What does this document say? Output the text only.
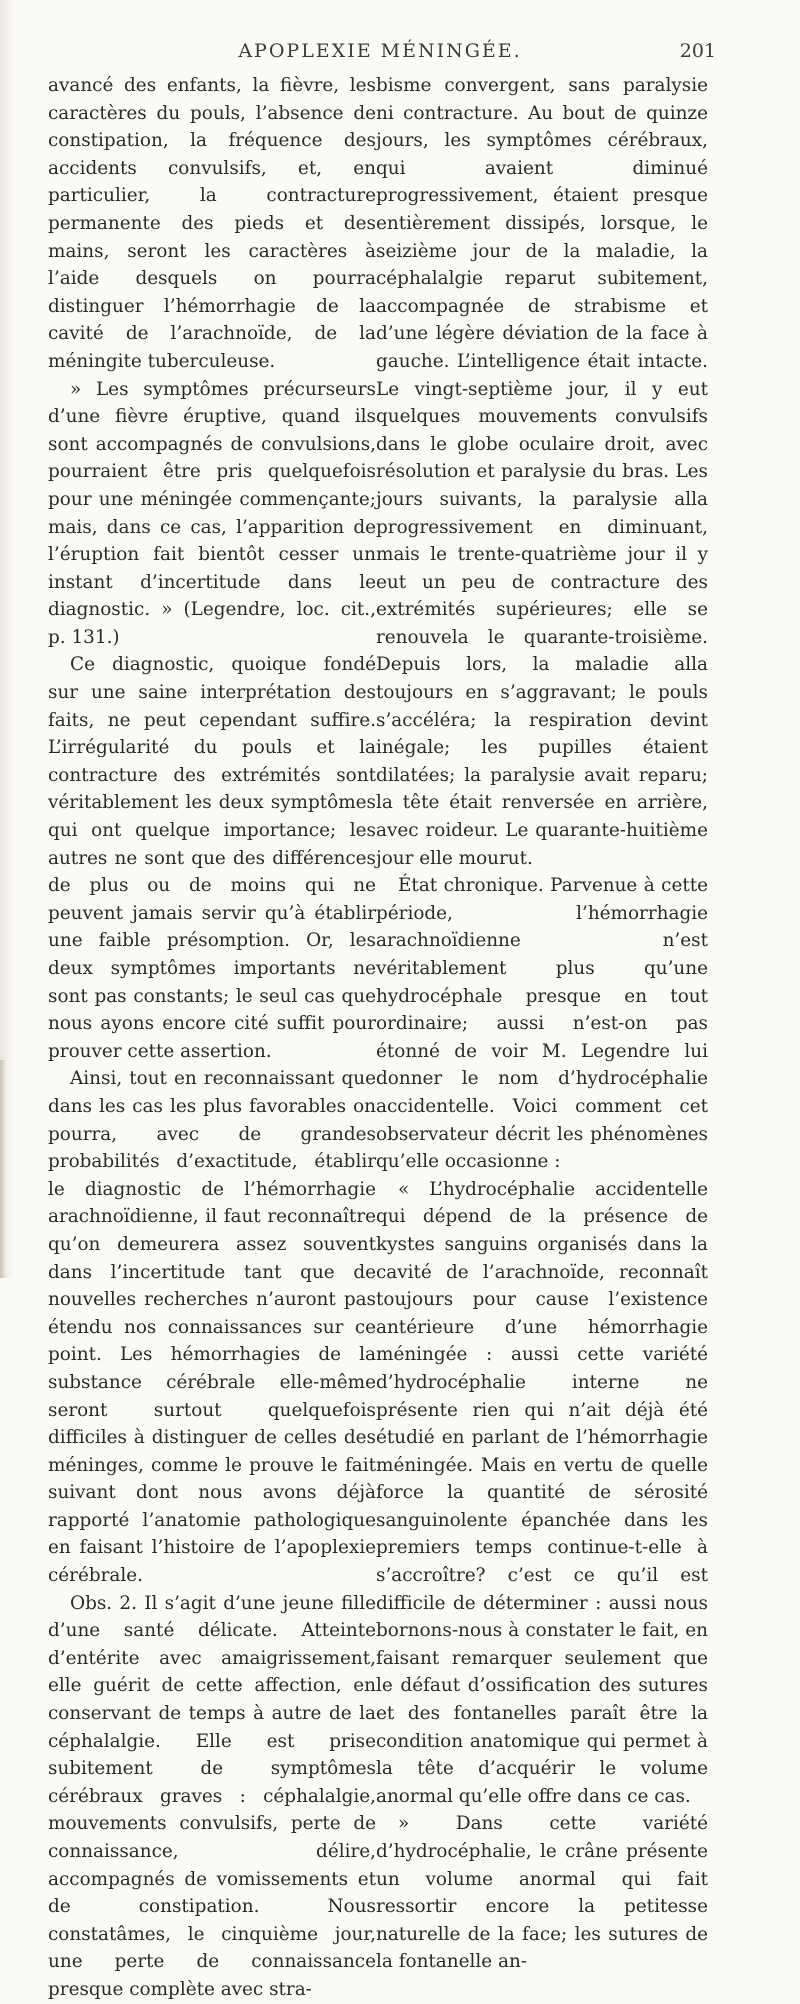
APOPLEXIE MÉNINGÉE.	201

avancé des enfants, la fièvre, les caractères du pouls, l’absence de constipation, la fréquence des accidents convulsifs, et, en particulier, la contracture permanente des pieds et des mains, seront les caractères à l’aide desquels on pourra distinguer l’hémorrhagie de la cavité de l’arachnoïde, de la méningite tuberculeuse.

» Les symptômes précurseurs d’une fièvre éruptive, quand ils sont accompagnés de convulsions, pourraient être pris quelquefois pour une méningée commençante; mais, dans ce cas, l’apparition de l’éruption fait bientôt cesser un instant d’incertitude dans le diagnostic. » (Legendre, loc. cit., p. 131.)

Ce diagnostic, quoique fondé sur une saine interprétation des faits, ne peut cependant suffire. L’irrégularité du pouls et la contracture des extrémités sont véritablement les deux symptômes qui ont quelque importance; les autres ne sont que des différences de plus ou de moins qui ne peuvent jamais servir qu’à établir une faible présomption. Or, les deux symptômes importants ne sont pas constants; le seul cas que nous ayons encore cité suffit pour prouver cette assertion.

Ainsi, tout en reconnaissant que dans les cas les plus favorables on pourra, avec de grandes probabilités d’exactitude, établir le diagnostic de l’hémorrhagie arachnoïdienne, il faut reconnaître qu’on demeurera assez souvent dans l’incertitude tant que de nouvelles recherches n’auront pas étendu nos connaissances sur ce point. Les hémorrhagies de la substance cérébrale elle-même seront surtout quelquefois difficiles à distinguer de celles des méninges, comme le prouve le fait suivant dont nous avons déjà rapporté l’anatomie pathologique en faisant l’histoire de l’apoplexie cérébrale.

Obs. 2. Il s’agit d’une jeune fille d’une santé délicate. Atteinte d’entérite avec amaigrissement, elle guérit de cette affection, en conservant de temps à autre de la céphalalgie. Elle est prise subitement de symptômes cérébraux graves : céphalalgie, mouvements convulsifs, perte de connaissance, délire, accompagnés de vomissements et de constipation. Nous constatâmes, le cinquième jour, une perte de connaissance presque complète avec stra-

bisme convergent, sans paralysie ni contracture. Au bout de quinze jours, les symptômes cérébraux, qui avaient diminué progressivement, étaient presque entièrement dissipés, lorsque, le seizième jour de la maladie, la céphalalgie reparut subitement, accompagnée de strabisme et d’une légère déviation de la face à gauche. L’intelligence était intacte. Le vingt-septième jour, il y eut quelques mouvements convulsifs dans le globe oculaire droit, avec résolution et paralysie du bras. Les jours suivants, la paralysie alla progressivement en diminuant, mais le trente-quatrième jour il y eut un peu de contracture des extrémités supérieures; elle se renouvela le quarante-troisième. Depuis lors, la maladie alla toujours en s’aggravant; le pouls s’accéléra; la respiration devint inégale; les pupilles étaient dilatées; la paralysie avait reparu; la tête était renversée en arrière, avec roideur. Le quarante-huitième jour elle mourut.

État chronique. Parvenue à cette période, l’hémorrhagie arachnoïdienne n’est véritablement plus qu’une hydrocéphale presque en tout ordinaire; aussi n’est-on pas étonné de voir M. Legendre lui donner le nom d’hydrocéphalie accidentelle. Voici comment cet observateur décrit les phénomènes qu’elle occasionne :

« L’hydrocéphalie accidentelle qui dépend de la présence de kystes sanguins organisés dans la cavité de l’arachnoïde, reconnaît toujours pour cause l’existence antérieure d’une hémorrhagie méningée : aussi cette variété d’hydrocéphalie interne ne présente rien qui n’ait déjà été étudié en parlant de l’hémorrhagie méningée. Mais en vertu de quelle force la quantité de sérosité sanguinolente épanchée dans les premiers temps continue-t-elle à s’accroître? c’est ce qu’il est difficile de déterminer : aussi nous bornons-nous à constater le fait, en faisant remarquer seulement que le défaut d’ossification des sutures et des fontanelles paraît être la condition anatomique qui permet à la tête d’acquérir le volume anormal qu’elle offre dans ce cas.

» Dans cette variété d’hydrocéphalie, le crâne présente un volume anormal qui fait ressortir encore la petitesse naturelle de la face; les sutures de la fontanelle an-
